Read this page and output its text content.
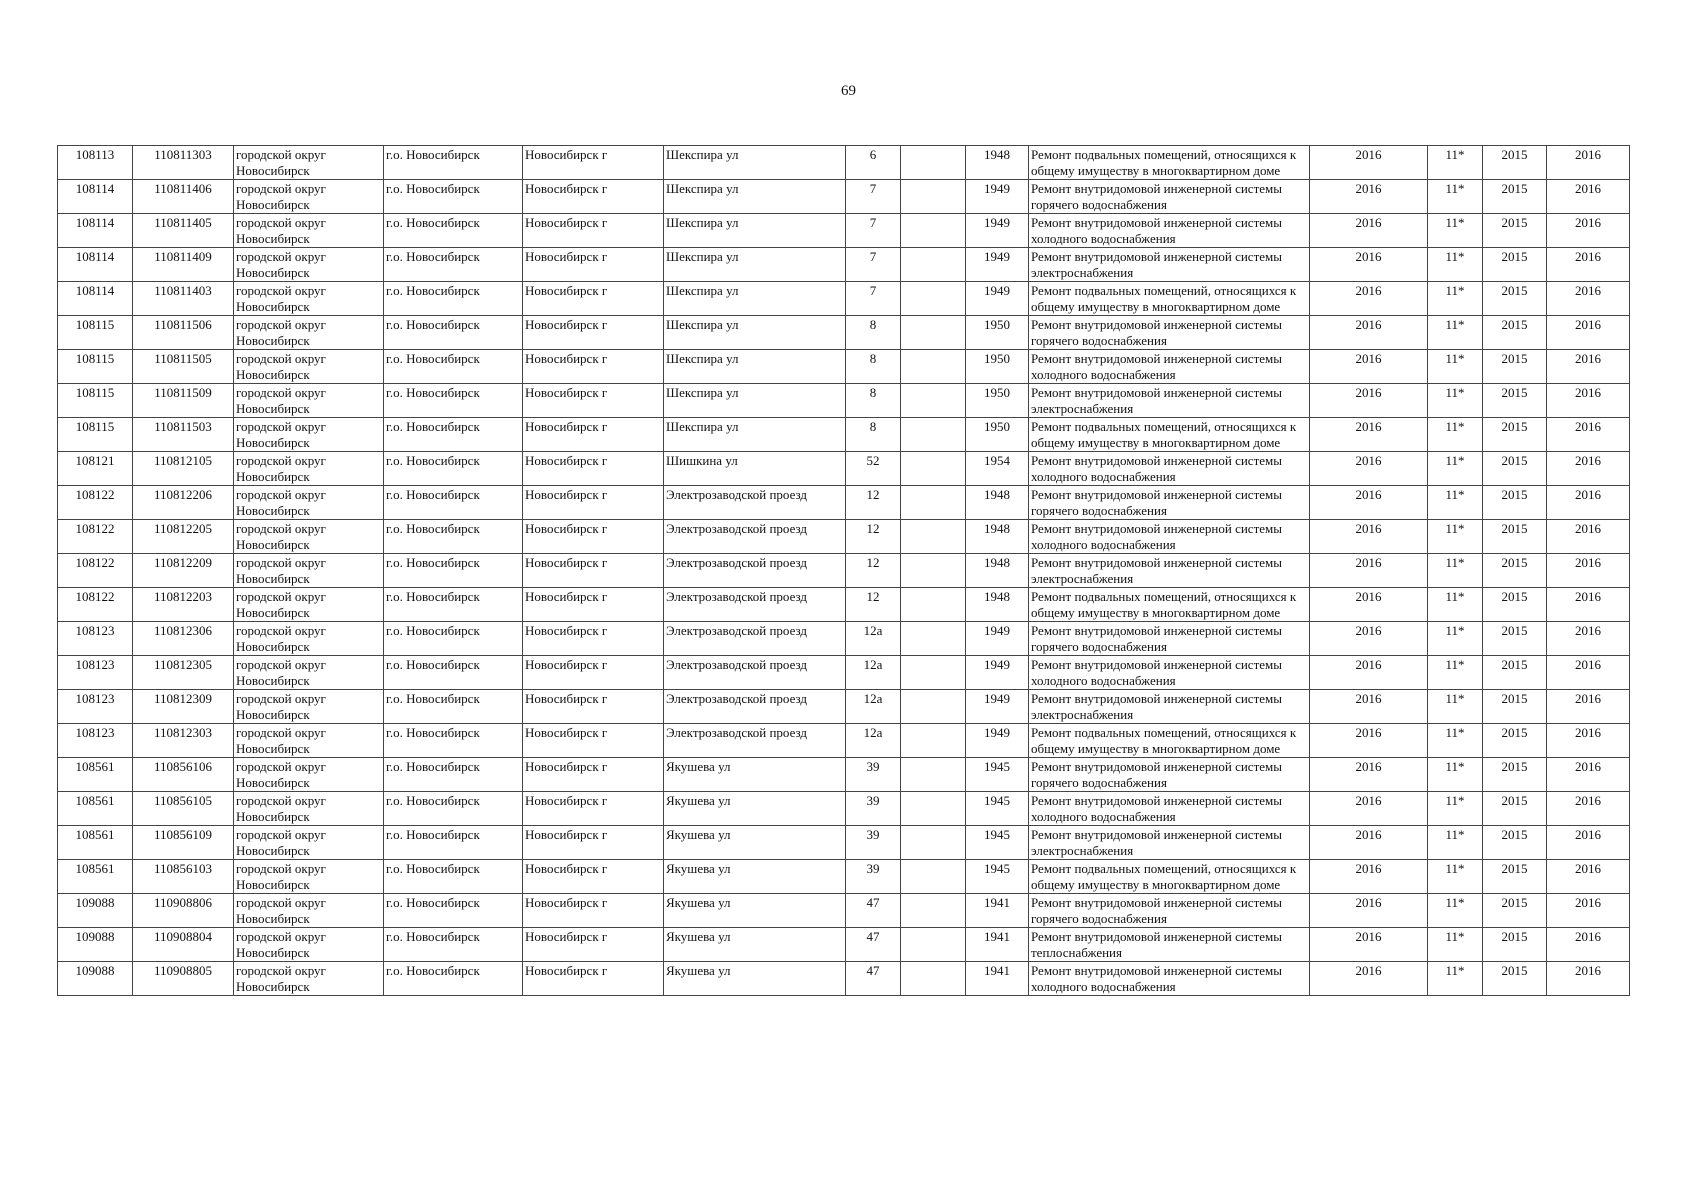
69
108113	110811303	городской округ Новосибирск	г.о. Новосибирск	Новосибирск г	Шекспира ул	6		1948	Ремонт подвальных помещений, относящихся к общему имуществу в многоквартирном доме	2016	11*	2015	2016
108114	110811406	городской округ Новосибирск	г.о. Новосибирск	Новосибирск г	Шекспира ул	7		1949	Ремонт внутридомовой инженерной системы горячего водоснабжения	2016	11*	2015	2016
108114	110811405	городской округ Новосибирск	г.о. Новосибирск	Новосибирск г	Шекспира ул	7		1949	Ремонт внутридомовой инженерной системы холодного водоснабжения	2016	11*	2015	2016
108114	110811409	городской округ Новосибирск	г.о. Новосибирск	Новосибирск г	Шекспира ул	7		1949	Ремонт внутридомовой инженерной системы электроснабжения	2016	11*	2015	2016
108114	110811403	городской округ Новосибирск	г.о. Новосибирск	Новосибирск г	Шекспира ул	7		1949	Ремонт подвальных помещений, относящихся к общему имуществу в многоквартирном доме	2016	11*	2015	2016
108115	110811506	городской округ Новосибирск	г.о. Новосибирск	Новосибирск г	Шекспира ул	8		1950	Ремонт внутридомовой инженерной системы горячего водоснабжения	2016	11*	2015	2016
108115	110811505	городской округ Новосибирск	г.о. Новосибирск	Новосибирск г	Шекспира ул	8		1950	Ремонт внутридомовой инженерной системы холодного водоснабжения	2016	11*	2015	2016
108115	110811509	городской округ Новосибирск	г.о. Новосибирск	Новосибирск г	Шекспира ул	8		1950	Ремонт внутридомовой инженерной системы электроснабжения	2016	11*	2015	2016
108115	110811503	городской округ Новосибирск	г.о. Новосибирск	Новосибирск г	Шекспира ул	8		1950	Ремонт подвальных помещений, относящихся к общему имуществу в многоквартирном доме	2016	11*	2015	2016
108121	110812105	городской округ Новосибирск	г.о. Новосибирск	Новосибирск г	Шишкина ул	52		1954	Ремонт внутридомовой инженерной системы холодного водоснабжения	2016	11*	2015	2016
108122	110812206	городской округ Новосибирск	г.о. Новосибирск	Новосибирск г	Электрозаводской проезд	12		1948	Ремонт внутридомовой инженерной системы горячего водоснабжения	2016	11*	2015	2016
108122	110812205	городской округ Новосибирск	г.о. Новосибирск	Новосибирск г	Электрозаводской проезд	12		1948	Ремонт внутридомовой инженерной системы холодного водоснабжения	2016	11*	2015	2016
108122	110812209	городской округ Новосибирск	г.о. Новосибирск	Новосибирск г	Электрозаводской проезд	12		1948	Ремонт внутридомовой инженерной системы электроснабжения	2016	11*	2015	2016
108122	110812203	городской округ Новосибирск	г.о. Новосибирск	Новосибирск г	Электрозаводской проезд	12		1948	Ремонт подвальных помещений, относящихся к общему имуществу в многоквартирном доме	2016	11*	2015	2016
108123	110812306	городской округ Новосибирск	г.о. Новосибирск	Новосибирск г	Электрозаводской проезд	12а		1949	Ремонт внутридомовой инженерной системы горячего водоснабжения	2016	11*	2015	2016
108123	110812305	городской округ Новосибирск	г.о. Новосибирск	Новосибирск г	Электрозаводской проезд	12а		1949	Ремонт внутридомовой инженерной системы холодного водоснабжения	2016	11*	2015	2016
108123	110812309	городской округ Новосибирск	г.о. Новосибирск	Новосибирск г	Электрозаводской проезд	12а		1949	Ремонт внутридомовой инженерной системы электроснабжения	2016	11*	2015	2016
108123	110812303	городской округ Новосибирск	г.о. Новосибирск	Новосибирск г	Электрозаводской проезд	12а		1949	Ремонт подвальных помещений, относящихся к общему имуществу в многоквартирном доме	2016	11*	2015	2016
108561	110856106	городской округ Новосибирск	г.о. Новосибирск	Новосибирск г	Якушева ул	39		1945	Ремонт внутридомовой инженерной системы горячего водоснабжения	2016	11*	2015	2016
108561	110856105	городской округ Новосибирск	г.о. Новосибирск	Новосибирск г	Якушева ул	39		1945	Ремонт внутридомовой инженерной системы холодного водоснабжения	2016	11*	2015	2016
108561	110856109	городской округ Новосибирск	г.о. Новосибирск	Новосибирск г	Якушева ул	39		1945	Ремонт внутридомовой инженерной системы электроснабжения	2016	11*	2015	2016
108561	110856103	городской округ Новосибирск	г.о. Новосибирск	Новосибирск г	Якушева ул	39		1945	Ремонт подвальных помещений, относящихся к общему имуществу в многоквартирном доме	2016	11*	2015	2016
109088	110908806	городской округ Новосибирск	г.о. Новосибирск	Новосибирск г	Якушева ул	47		1941	Ремонт внутридомовой инженерной системы горячего водоснабжения	2016	11*	2015	2016
109088	110908804	городской округ Новосибирск	г.о. Новосибирск	Новосибирск г	Якушева ул	47		1941	Ремонт внутридомовой инженерной системы теплоснабжения	2016	11*	2015	2016
109088	110908805	городской округ Новосибирск	г.о. Новосибирск	Новосибирск г	Якушева ул	47		1941	Ремонт внутридомовой инженерной системы холодного водоснабжения	2016	11*	2015	2016
